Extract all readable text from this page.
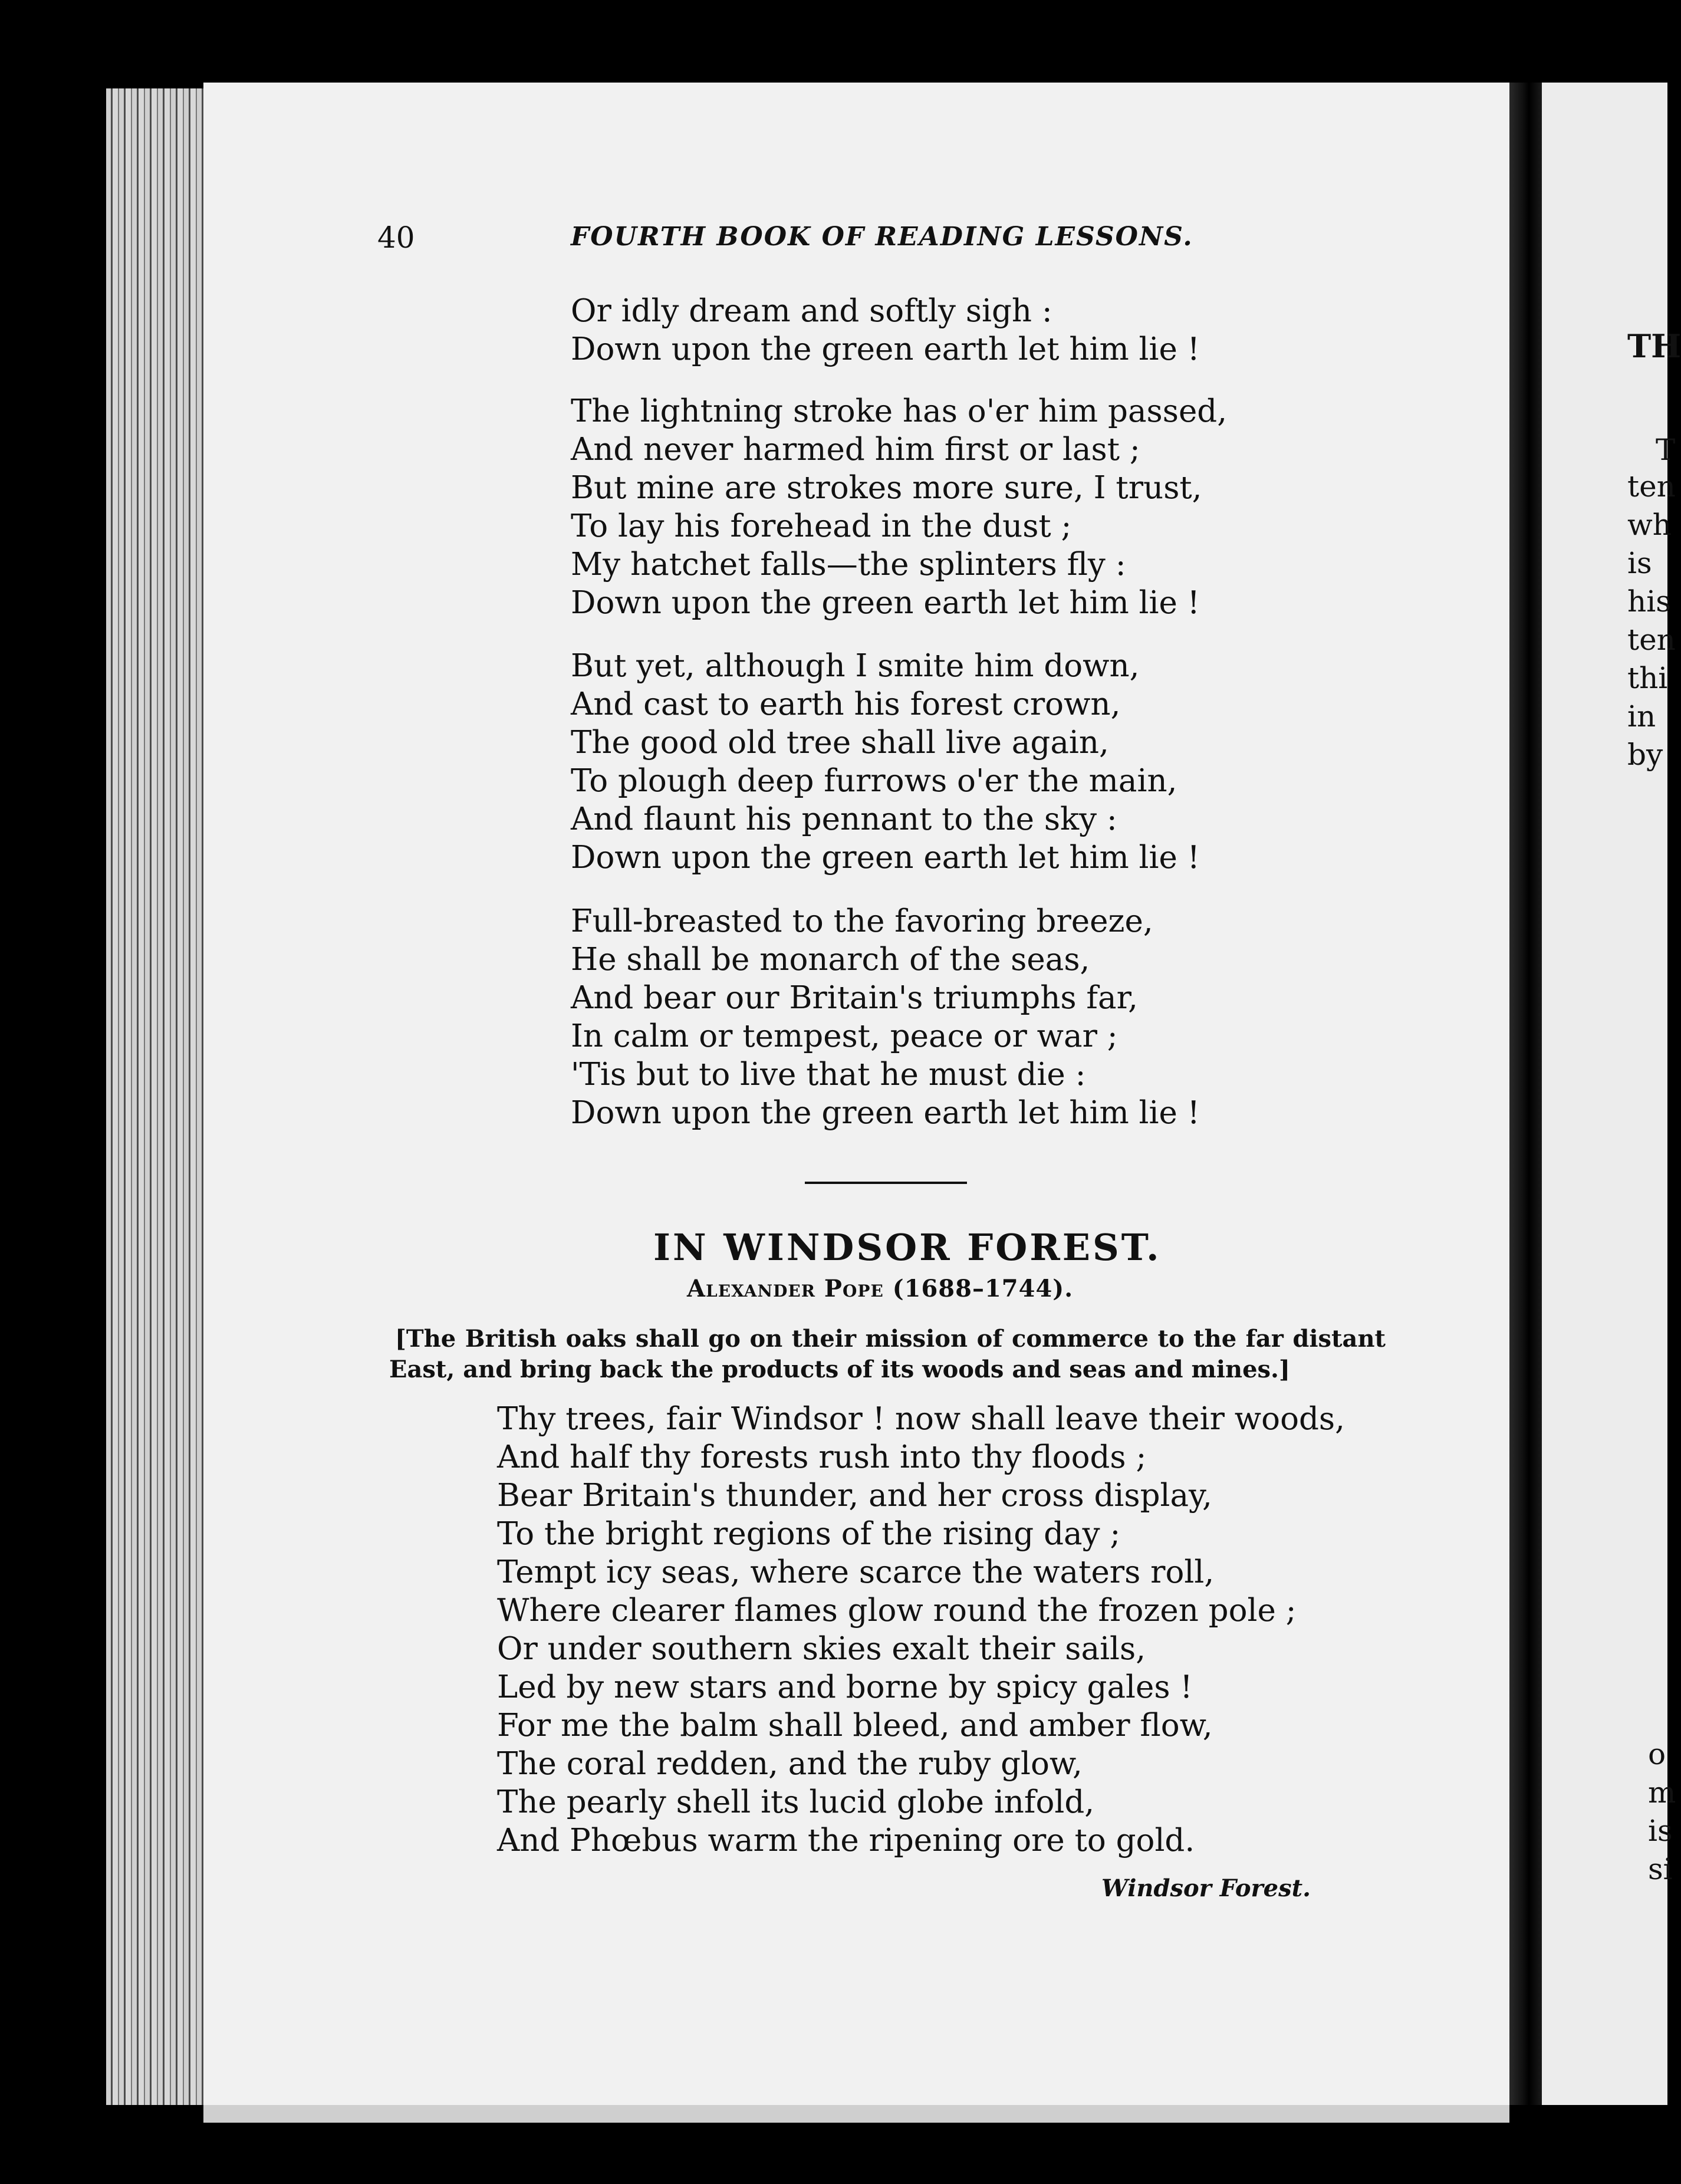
40	FOURTH BOOK OF READING LESSONS.
Or idly dream and softly sigh :
Down upon the green earth let him lie !
The lightning stroke has o'er him passed,
And never harmed him first or last ;
But mine are strokes more sure, I trust,
To lay his forehead in the dust ;
My hatchet falls—the splinters fly :
Down upon the green earth let him lie !
But yet, although I smite him down,
And cast to earth his forest crown,
The good old tree shall live again,
To plough deep furrows o'er the main,
And flaunt his pennant to the sky :
Down upon the green earth let him lie !
Full-breasted to the favoring breeze,
He shall be monarch of the seas,
And bear our Britain's triumphs far,
In calm or tempest, peace or war ;
'Tis but to live that he must die :
Down upon the green earth let him lie !
IN WINDSOR FOREST.
Alexander Pope (1688–1744).
[The British oaks shall go on their mission of commerce to the far distant East, and bring back the products of its woods and seas and mines.]
Thy trees, fair Windsor ! now shall leave their woods,
And half thy forests rush into thy floods ;
Bear Britain's thunder, and her cross display,
To the bright regions of the rising day ;
Tempt icy seas, where scarce the waters roll,
Where clearer flames glow round the frozen pole ;
Or under southern skies exalt their sails,
Led by new stars and borne by spicy gales !
For me the balm shall bleed, and amber flow,
The coral redden, and the ruby glow,
The pearly shell its lucid globe infold,
And Phœbus warm the ripening ore to gold.
Windsor Forest.
TH
T
ten
wh
is
his
ten
thi
in
by
o
m
is
si
